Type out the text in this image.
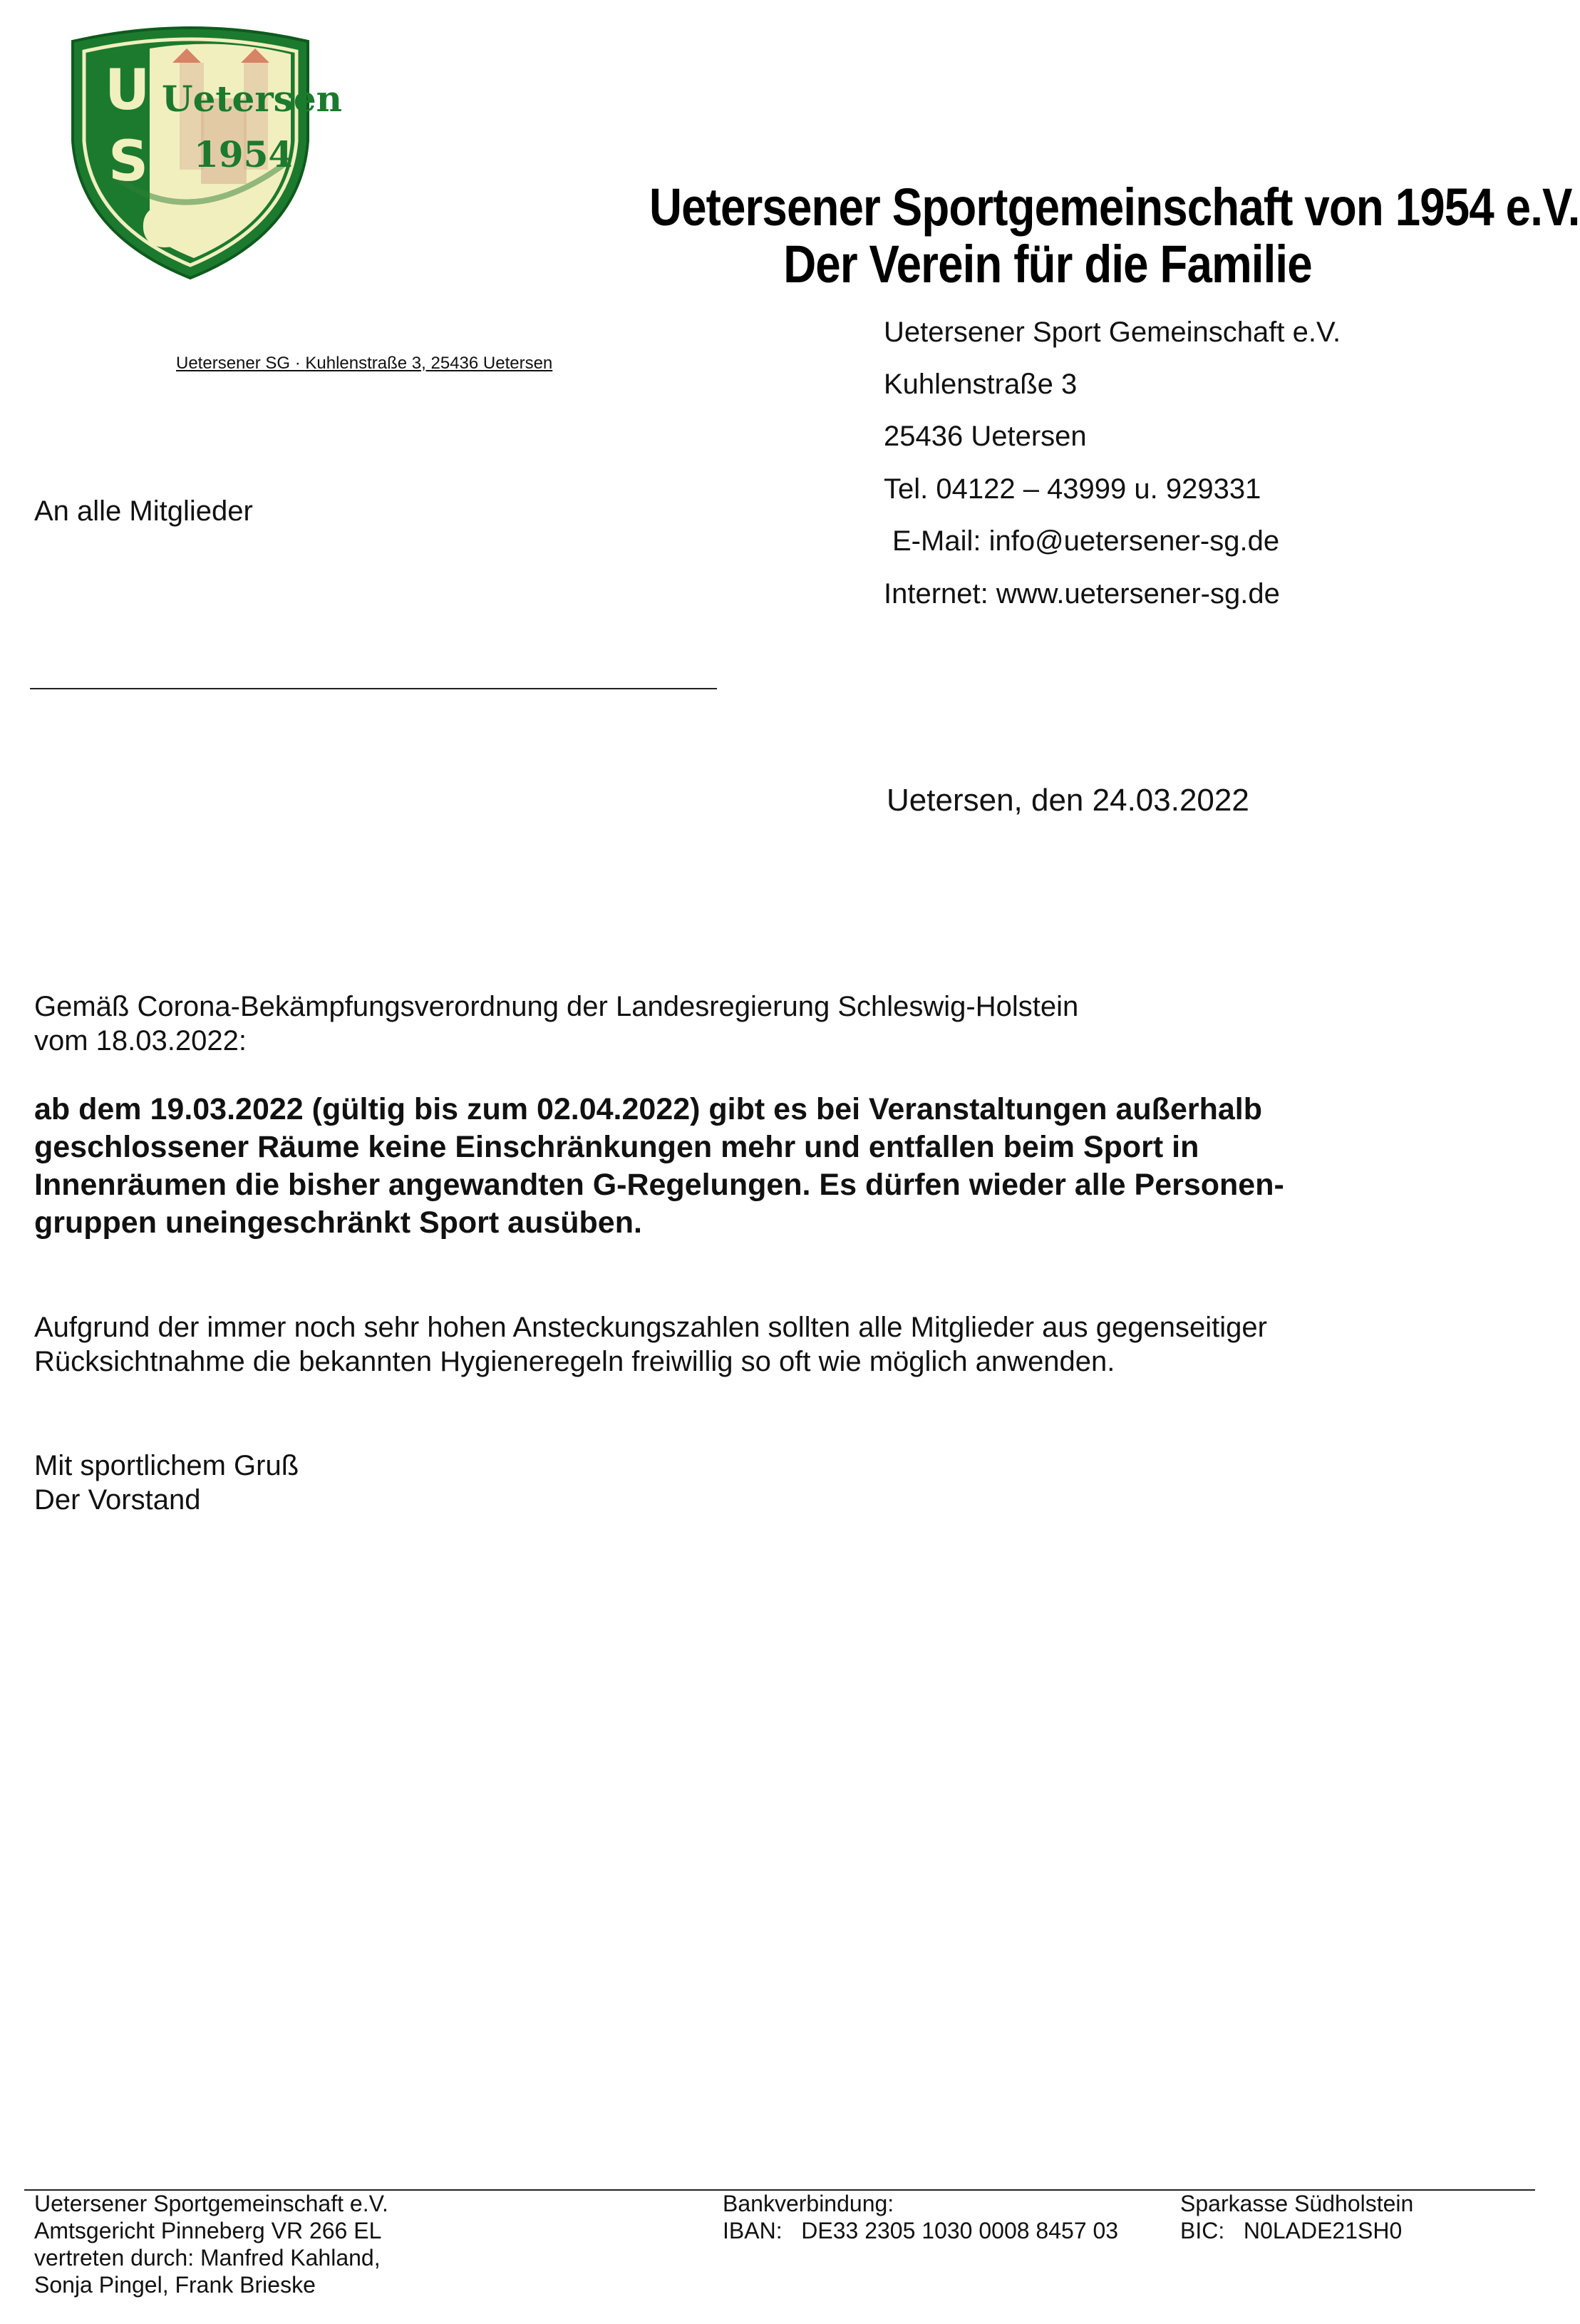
U
S
G
Uetersen
1954
Uetersener Sportgemeinschaft von 1954 e.V.
Der Verein für die Familie
Uetersener SG · Kuhlenstraße 3, 25436 Uetersen
Uetersener Sport Gemeinschaft e.V.
Kuhlenstraße 3
25436 Uetersen
Tel. 04122 – 43999 u. 929331
E-Mail: info@uetersener-sg.de
Internet: www.uetersener-sg.de
An alle Mitglieder
Uetersen, den 24.03.2022
Gemäß Corona-Bekämpfungsverordnung der Landesregierung Schleswig-Holstein
vom 18.03.2022:
ab dem 19.03.2022 (gültig bis zum 02.04.2022) gibt es bei Veranstaltungen außerhalb
geschlossener Räume keine Einschränkungen mehr und entfallen beim Sport in
Innenräumen die bisher angewandten G-Regelungen. Es dürfen wieder alle Personen-
gruppen uneingeschränkt Sport ausüben.
Aufgrund der immer noch sehr hohen Ansteckungszahlen sollten alle Mitglieder aus gegenseitiger
Rücksichtnahme die bekannten Hygieneregeln freiwillig so oft wie möglich anwenden.
Mit sportlichem Gruß
Der Vorstand
Uetersener Sportgemeinschaft e.V.
Amtsgericht Pinneberg VR 266 EL
vertreten durch: Manfred Kahland,
Sonja Pingel, Frank Brieske
Bankverbindung:
IBAN:   DE33 2305 1030 0008 8457 03
Sparkasse Südholstein
BIC:   N0LADE21SH0
